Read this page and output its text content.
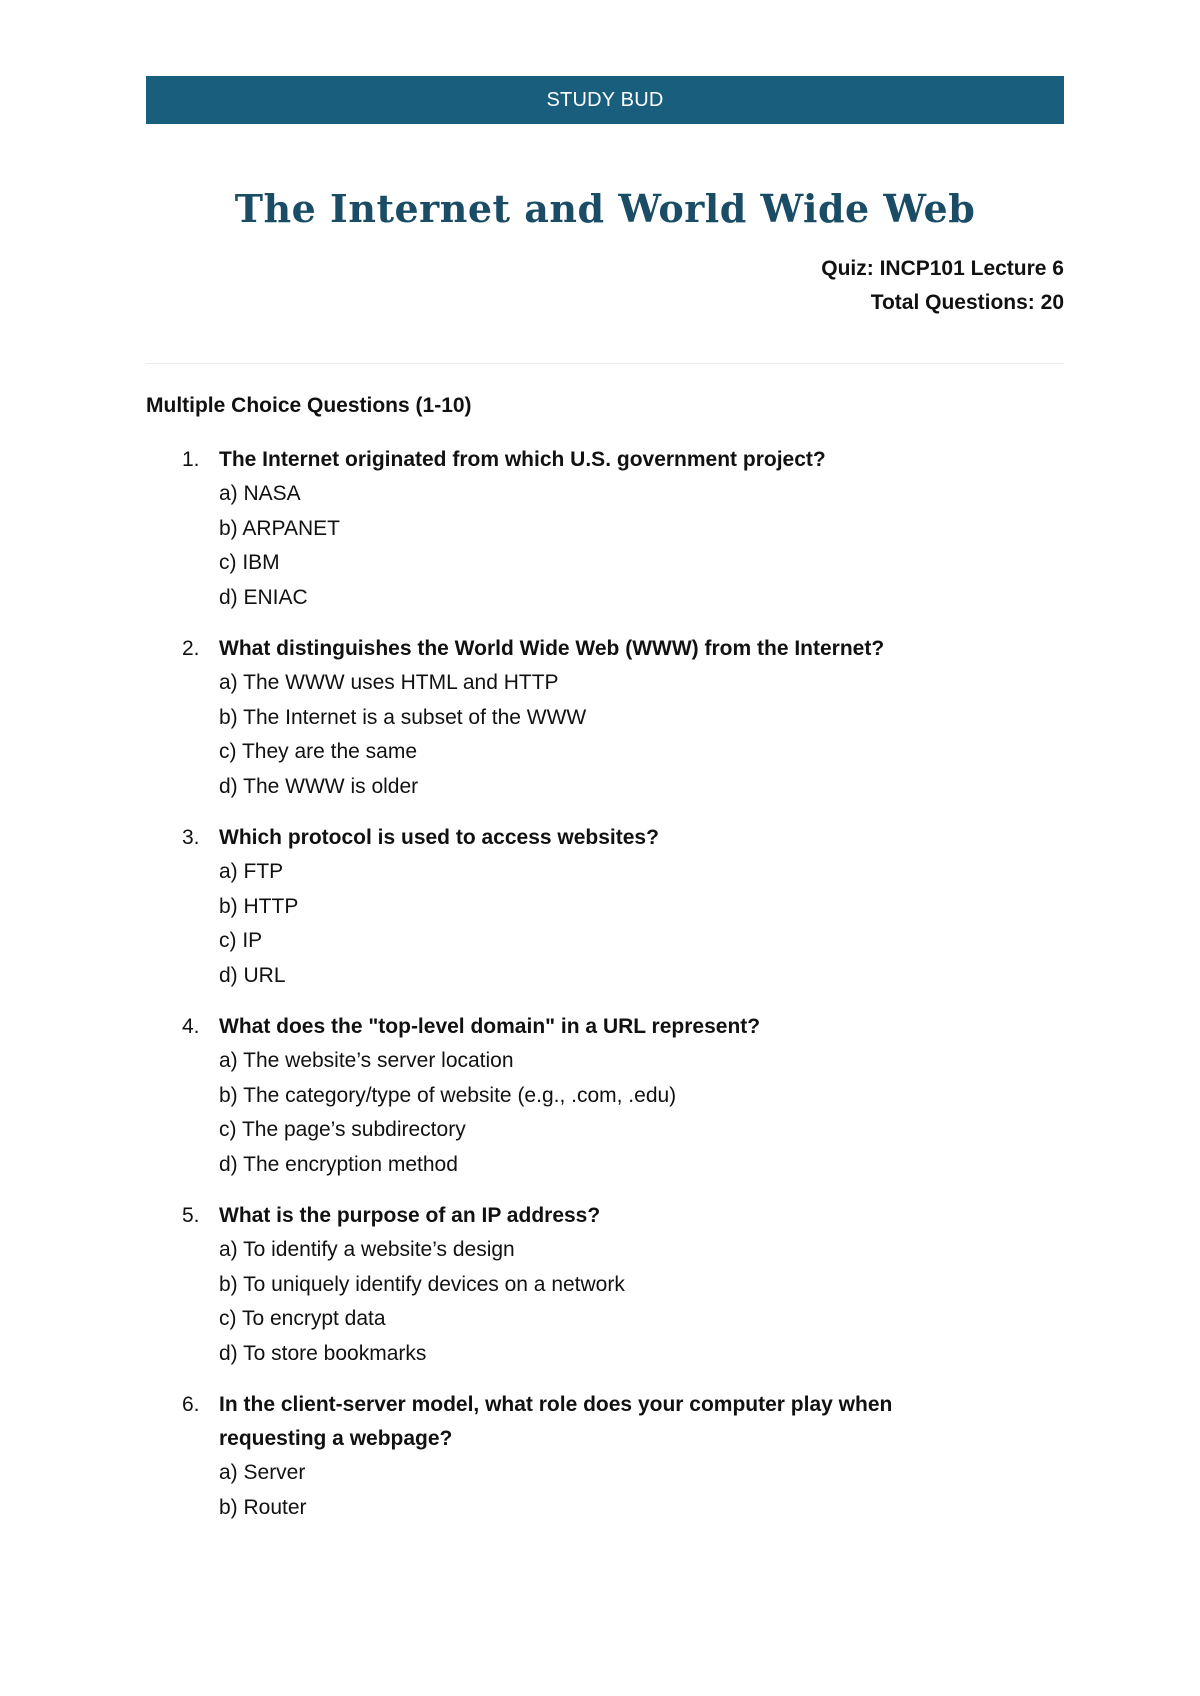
STUDY BUD
The Internet and World Wide Web
Quiz: INCP101 Lecture 6
Total Questions: 20
Multiple Choice Questions (1-10)
1. The Internet originated from which U.S. government project?
a) NASA
b) ARPANET
c) IBM
d) ENIAC
2. What distinguishes the World Wide Web (WWW) from the Internet?
a) The WWW uses HTML and HTTP
b) The Internet is a subset of the WWW
c) They are the same
d) The WWW is older
3. Which protocol is used to access websites?
a) FTP
b) HTTP
c) IP
d) URL
4. What does the "top-level domain" in a URL represent?
a) The website’s server location
b) The category/type of website (e.g., .com, .edu)
c) The page’s subdirectory
d) The encryption method
5. What is the purpose of an IP address?
a) To identify a website’s design
b) To uniquely identify devices on a network
c) To encrypt data
d) To store bookmarks
6. In the client-server model, what role does your computer play when requesting a webpage?
a) Server
b) Router
